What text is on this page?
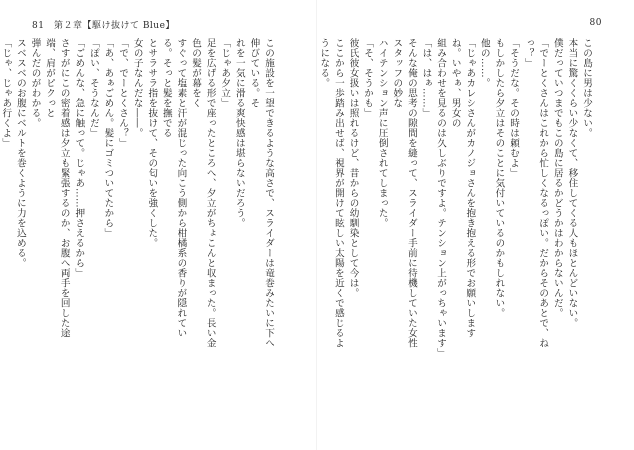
81　第２章【駆け抜けて Blue】	80

この島に男は少ない。

本当に驚くくらい少なくて、移住してくる人もほとんどいない。

僕だっていつまでもこの島に居るかどうかはわからないんだ。

「でーとくさんはこれから忙しくなるっぽい。だからそのあとで、ねっ？」

「そうだな。その時は頼むよ」

もしかしたら夕立はそのことに気付いているのかもしれない。

他の……。

「じゃあカレシさんがカノジョさんを抱き抱える形でお願いしますね。いやぁ、男女の

組み合わせを見るのは久しぶりですよ。テンション上がっちゃいます」

「は、はぁ……」

そんな俺の思考の隙間を縫って、スライダー手前に待機していた女性スタッフの妙な

ハイテンション声に圧倒されてしまった。

「そ、そうかも」

彼氏彼女扱いは照れるけど、昔からの幼馴染として今は。

ここから一歩踏み出せば、視界が開けて眩しい太陽を近くで感じるようになる。

この施設を一望できるような高さで、スライダーは竜巻みたいに下へ伸びている。そ

れを一気に滑る爽快感は堪らないだろう。

「じゃあ夕立」

足を広げる形で座ったところへ、夕立がちょこんと収まった。長い金色の髪が幕をく

すぐって塩素と汗が混じった向こう側から柑橘系の香りが隠れている。そっと髪を撫でる

とサラサラ指を抜けて、その匂いを強くした。

女の子なんだな――。

「で、でーとくさん？」

「あ、あぁごめん。髪にゴミついてたから」

「ぽい、そうなんだ」

「ごめんな、急に触って。じゃあ……押さえるから」

さすがにこの密着感は夕立も緊張するのか、お腹へ両手を回した途端、肩がピクっと

弾んだのがわかる。

スベスベのお腹にベルトを巻くように力を込める。

「じゃ、じゃあ行くよ」
